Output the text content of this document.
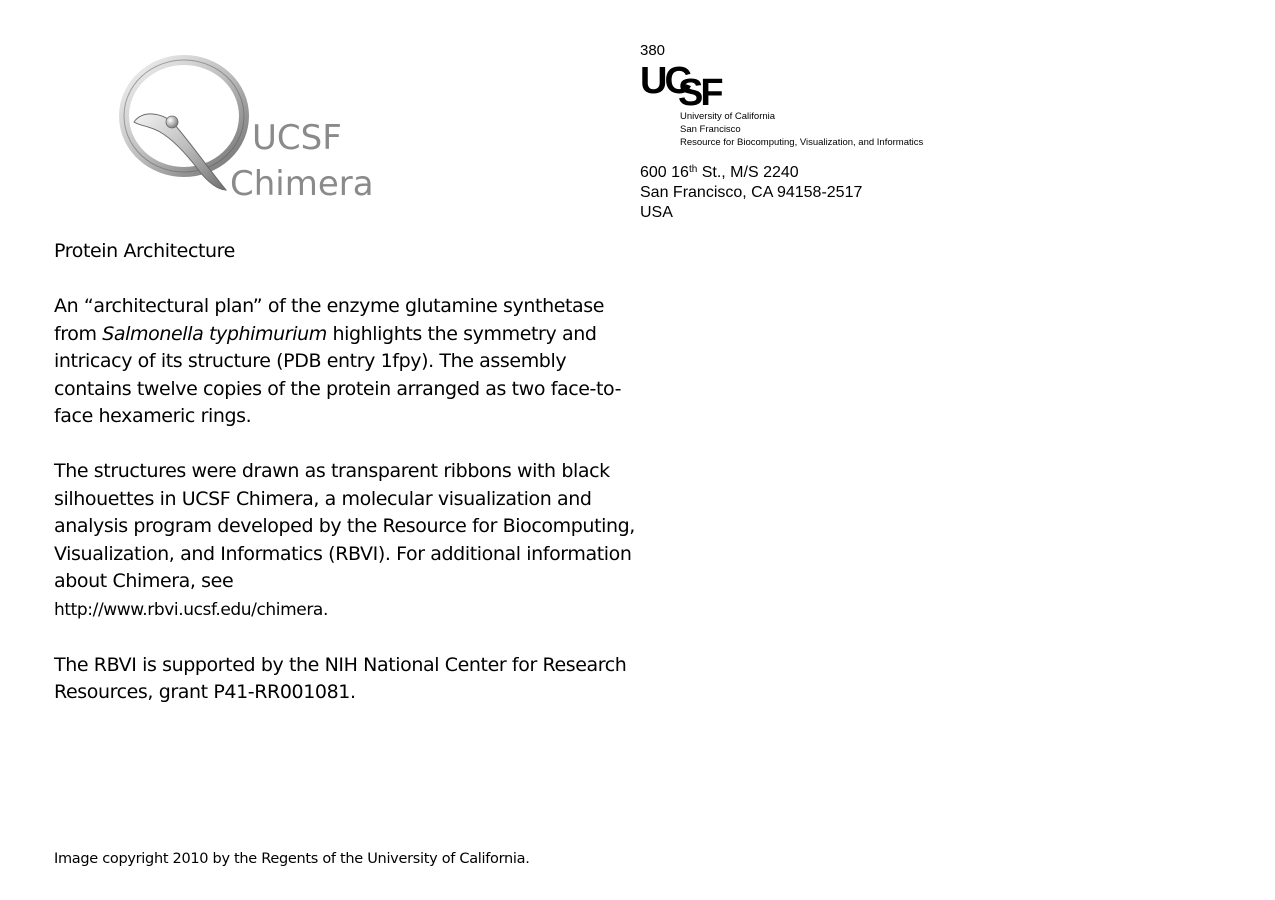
UCSF
Chimera
380
UC
SF
University of California
San Francisco
Resource for Biocomputing, Visualization, and Informatics
600 16th St., M/S 2240
San Francisco, CA 94158-2517
USA

Protein Architecture

An “architectural plan” of the enzyme glutamine synthetase from Salmonella typhimurium highlights the symmetry and intricacy of its structure (PDB entry 1fpy). The assembly contains twelve copies of the protein arranged as two face-to-face hexameric rings.

The structures were drawn as transparent ribbons with black silhouettes in UCSF Chimera, a molecular visualization and analysis program developed by the Resource for Biocomputing, Visualization, and Informatics (RBVI). For additional information about Chimera, see
http://www.rbvi.ucsf.edu/chimera.

The RBVI is supported by the NIH National Center for Research Resources, grant P41-RR001081.

Image copyright 2010 by the Regents of the University of California.
